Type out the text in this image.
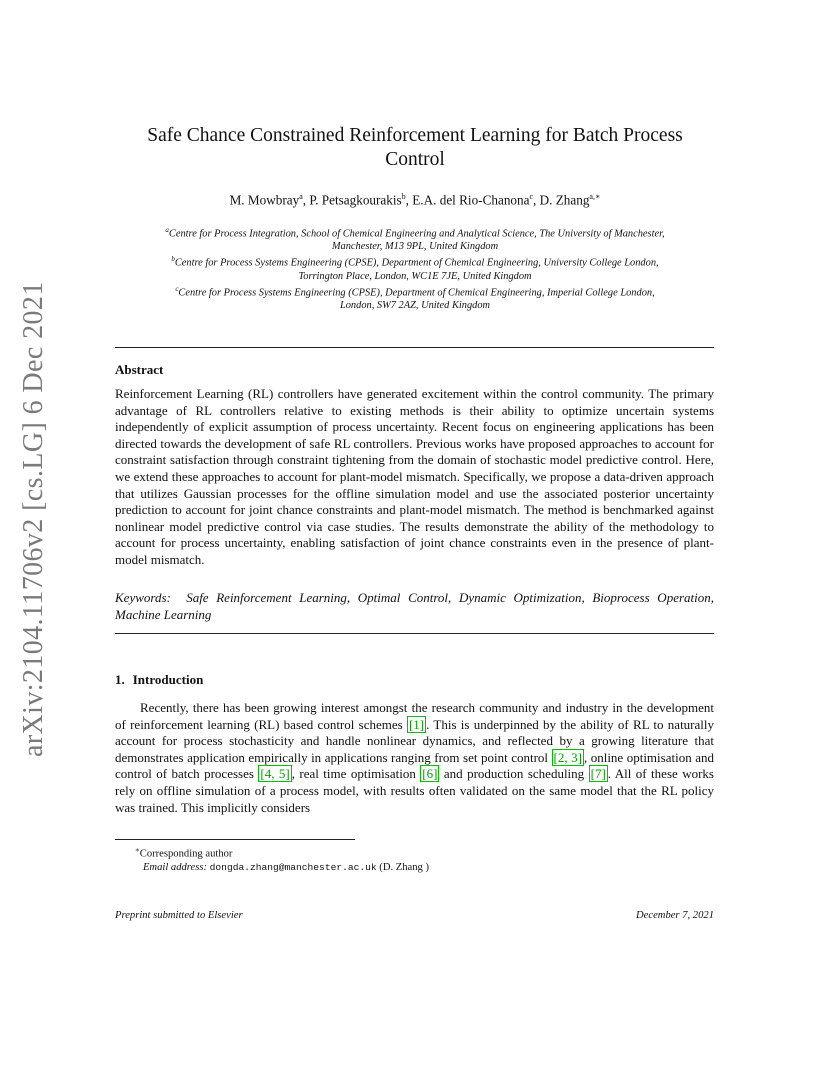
arXiv:2104.11706v2 [cs.LG] 6 Dec 2021
Safe Chance Constrained Reinforcement Learning for Batch Process
Control
M. Mowbray$^a$, P. Petsagkourakis$^b$, E.A. del Rio-Chanona$^c$, D. Zhang$^{a,∗}$
$^a$Centre for Process Integration, School of Chemical Engineering and Analytical Science, The University of Manchester,
Manchester, M13 9PL, United Kingdom
$^b$Centre for Process Systems Engineering (CPSE), Department of Chemical Engineering, University College London,
Torrington Place, London, WC1E 7JE, United Kingdom
$^c$Centre for Process Systems Engineering (CPSE), Department of Chemical Engineering, Imperial College London,
London, SW7 2AZ, United Kingdom
Abstract
Reinforcement Learning (RL) controllers have generated excitement within the control community. The primary advantage of RL controllers relative to existing methods is their ability to optimize uncertain systems independently of explicit assumption of process uncertainty. Recent focus on engineering applications has been directed towards the development of safe RL controllers. Previous works have proposed approaches to account for constraint satisfaction through constraint tightening from the domain of stochastic model predictive control. Here, we extend these approaches to account for plant-model mismatch. Specifically, we propose a data-driven approach that utilizes Gaussian processes for the offline simulation model and use the associated posterior uncertainty prediction to account for joint chance constraints and plant-model mismatch. The method is benchmarked against nonlinear model predictive control via case studies. The results demonstrate the ability of the methodology to account for process uncertainty, enabling satisfaction of joint chance constraints even in the presence of plant-model mismatch.
Keywords: Safe Reinforcement Learning, Optimal Control, Dynamic Optimization, Bioprocess Operation, Machine Learning
1. Introduction
Recently, there has been growing interest amongst the research community and industry in the development of reinforcement learning (RL) based control schemes [1] . This is underpinned by the ability of RL to naturally account for process stochasticity and handle nonlinear dynamics, and reflected by a growing literature that demonstrates application empirically in applications ranging from set point control [2, 3] , online optimisation and control of batch processes [4, 5] , real time optimisation [6] and production scheduling [7] . All of these works rely on offline simulation of a process model, with results often validated on the same model that the RL policy was trained. This implicitly considers
∗Corresponding author
Email address: dongda.zhang@manchester.ac.uk (D. Zhang )
Preprint submitted to Elsevier	December 7, 2021
